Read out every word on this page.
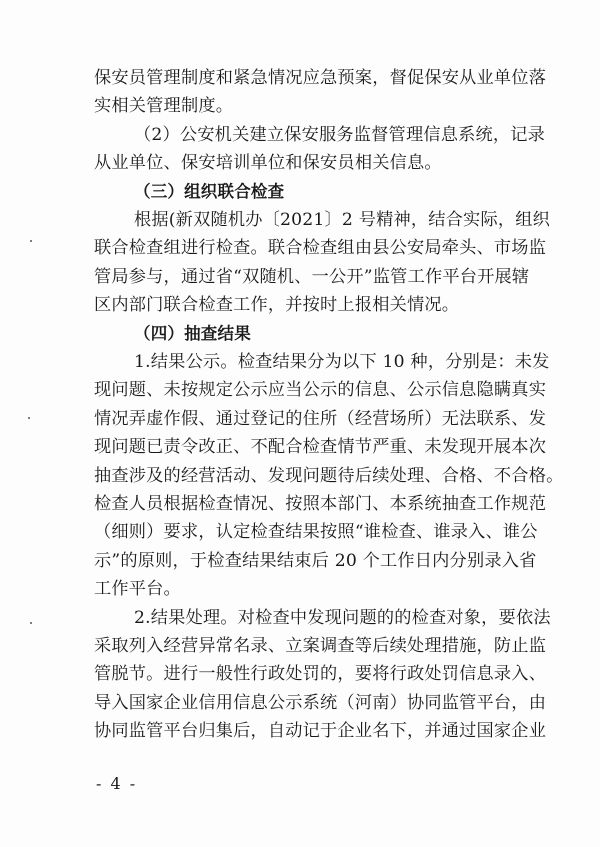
保安员管理制度和紧急情况应急预案，督促保安从业单位落
实相关管理制度。
（2）公安机关建立保安服务监督管理信息系统，记录
从业单位、保安培训单位和保安员相关信息。
（三）组织联合检查
根据(新双随机办〔2021〕2 号精神，结合实际，组织
联合检查组进行检查。联合检查组由县公安局牵头、市场监
管局参与，通过省“双随机、一公开”监管工作平台开展辖
区内部门联合检查工作，并按时上报相关情况。
（四）抽查结果
1.结果公示。检查结果分为以下 10 种，分别是：未发
现问题、未按规定公示应当公示的信息、公示信息隐瞒真实
情况弄虚作假、通过登记的住所（经营场所）无法联系、发
现问题已责令改正、不配合检查情节严重、未发现开展本次
抽查涉及的经营活动、发现问题待后续处理、合格、不合格。
检查人员根据检查情况、按照本部门、本系统抽查工作规范
（细则）要求，认定检查结果按照“谁检查、谁录入、谁公
示”的原则，于检查结果结束后 20 个工作日内分别录入省
工作平台。
- 4 -
2.结果处理。对检查中发现问题的的检查对象，要依法
采取列入经营异常名录、立案调查等后续处理措施，防止监
管脱节。进行一般性行政处罚的，要将行政处罚信息录入、
导入国家企业信用信息公示系统（河南）协同监管平台，由
协同监管平台归集后，自动记于企业名下，并通过国家企业
